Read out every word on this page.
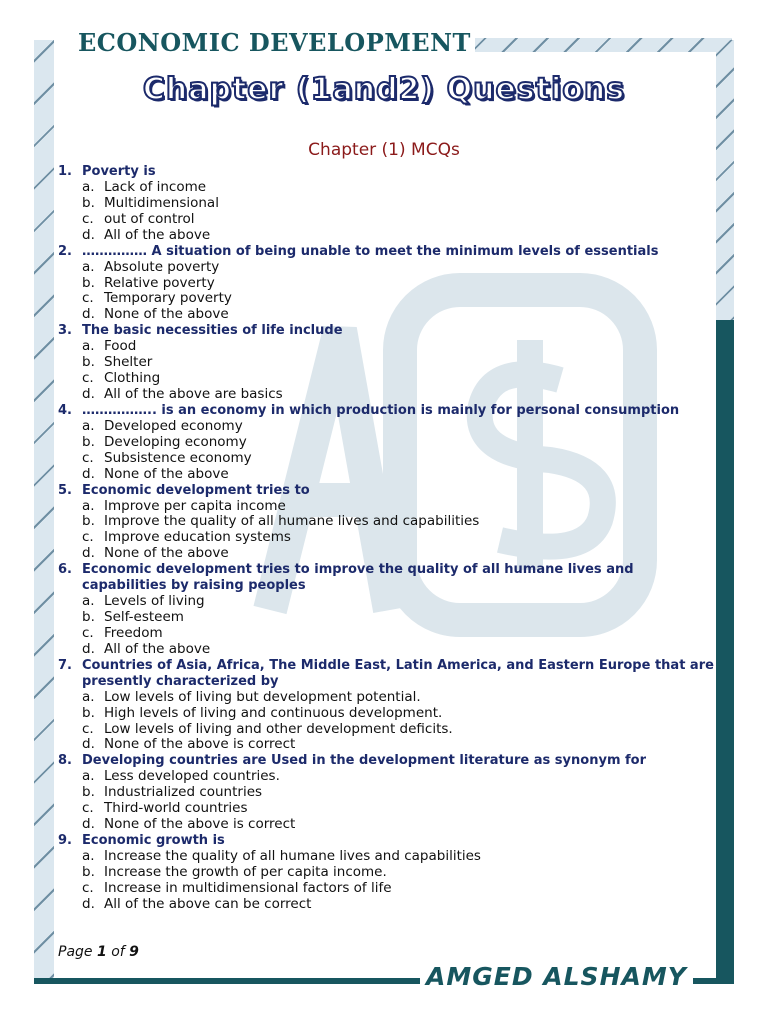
ECONOMIC DEVELOPMENT
Chapter (1and2) Questions
Chapter (1) MCQs
1. Poverty is
a. Lack of income
b. Multidimensional
c. out of control
d. All of the above
2. …………… A situation of being unable to meet the minimum levels of essentials
a. Absolute poverty
b. Relative poverty
c. Temporary poverty
d. None of the above
3. The basic necessities of life include
a. Food
b. Shelter
c. Clothing
d. All of the above are basics
4. …………….. is an economy in which production is mainly for personal consumption
a. Developed economy
b. Developing economy
c. Subsistence economy
d. None of the above
5. Economic development tries to
a. Improve per capita income
b. Improve the quality of all humane lives and capabilities
c. Improve education systems
d. None of the above
6. Economic development tries to improve the quality of all humane lives and capabilities by raising peoples
a. Levels of living
b. Self-esteem
c. Freedom
d. All of the above
7. Countries of Asia, Africa, The Middle East, Latin America, and Eastern Europe that are presently characterized by
a. Low levels of living but development potential.
b. High levels of living and continuous development.
c. Low levels of living and other development deficits.
d. None of the above is correct
8. Developing countries are Used in the development literature as synonym for
a. Less developed countries.
b. Industrialized countries
c. Third-world countries
d. None of the above is correct
9. Economic growth is
a. Increase the quality of all humane lives and capabilities
b. Increase the growth of per capita income.
c. Increase in multidimensional factors of life
d. All of the above can be correct
Page 1 of 9
AMGED ALSHAMY
